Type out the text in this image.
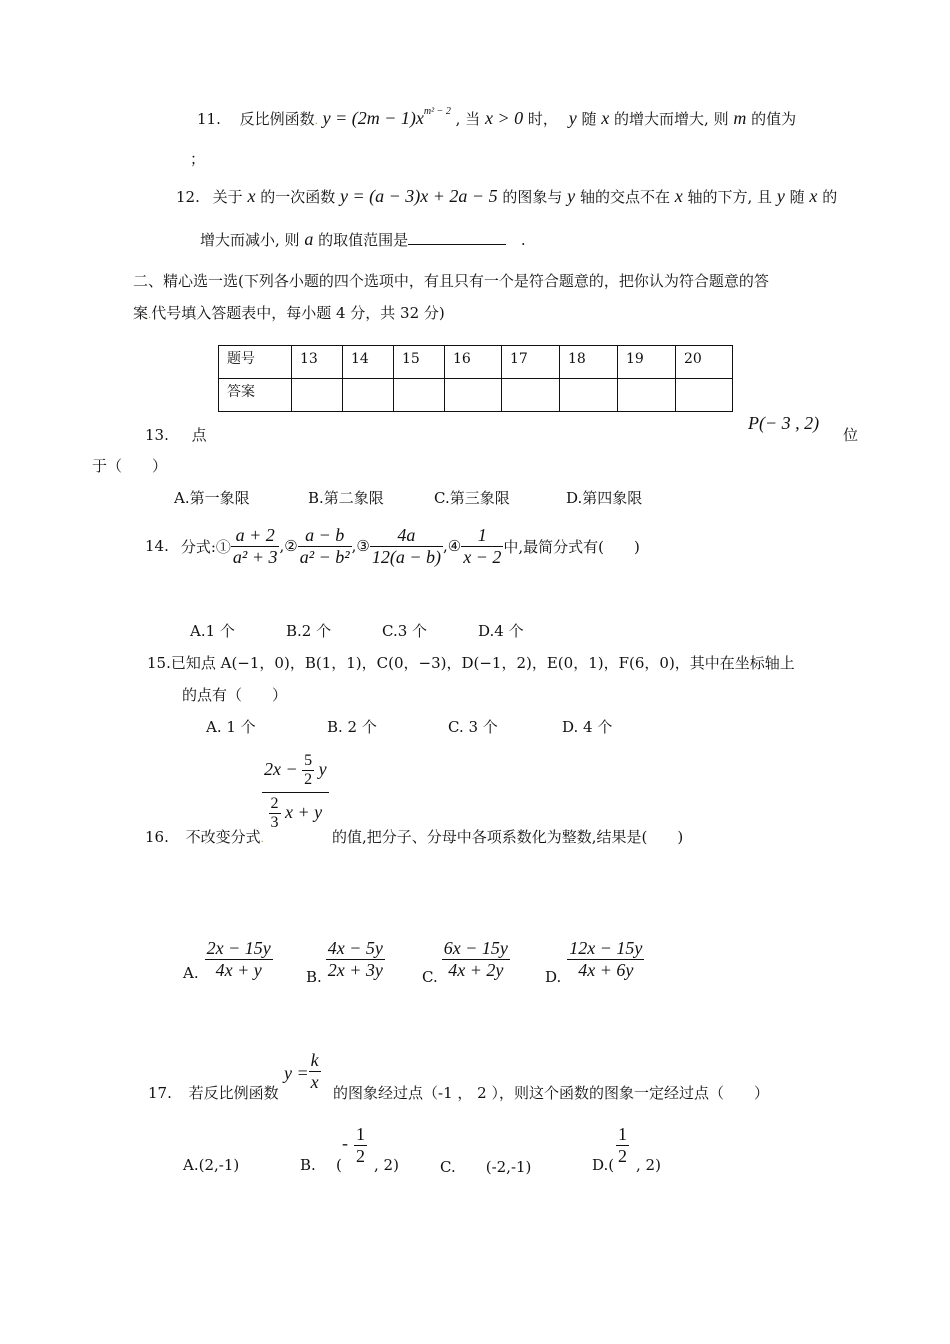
11. 反比例函数. $y = (2m - 1)x^{m^2 - 2}$ , 当 x > 0 时， y 随 x 的增大而增大, 则 m 的值为
；
12. 关于 x 的一次函数 y = (a − 3)x + 2a − 5 的图象与 y 轴的交点不在 x 轴的下方, 且 y 随 x 的
增大而减小, 则 a 的取值范围是	.
二、精心选一选(下列各小题的四个选项中，有且只有一个是符合题意的，把你认为符合题意的答
案.代号填入答题表中，每小题 4 分，共 32 分)
题号	13	14	15	16	17	18	19	20
答案								
13. 点
P(− 3 , 2)
位
于（　　）
A.第一象限	B.第二象限	C.第三象限	D.第四象限
14. 分式:① $\frac{a + 2}{\text{a² + 3}}$ ,② $\frac{a - b}{\text{a² − b²}}$ ,③ $\frac{4a}{12(a - b)}$ ,④ $\frac{1}{x - 2}$ 中,最简分式有(　　)
A.1 个	B.2 个	C.3 个	D.4 个
15.已知点 A(−1，0)，B(1，1)，C(0，−3)，D(−1，2)，E(0，1)，F(6，0)，其中在坐标轴上
的点有（　　）
A. 1 个	B. 2 个	C. 3 个	D. 4 个
16. 不改变分式.
$\frac{2x - \frac{5}{2} y}{\frac{2}{3} x + y}$
的值,把分子、分母中各项系数化为整数,结果是(　　)
A. $\frac{2x - 15y}{4x + y} B$. $\frac{4x - 5y}{2x + 3y} C$. $\frac{6x - 15y}{4x + 2y} D$. $\frac{12x - 15y}{4x + 6y}$
17. 若反比例函数
$y = \frac{k}{x}$
的图象经过点（-1 ， 2 ），则这个函数的图象一定经过点（　　）
A.(2,-1)	B. (
- $\frac{1}{2}$ , 2)	C.　　(-2,-1)	$D.( \frac{1}{2}$ , 2)
